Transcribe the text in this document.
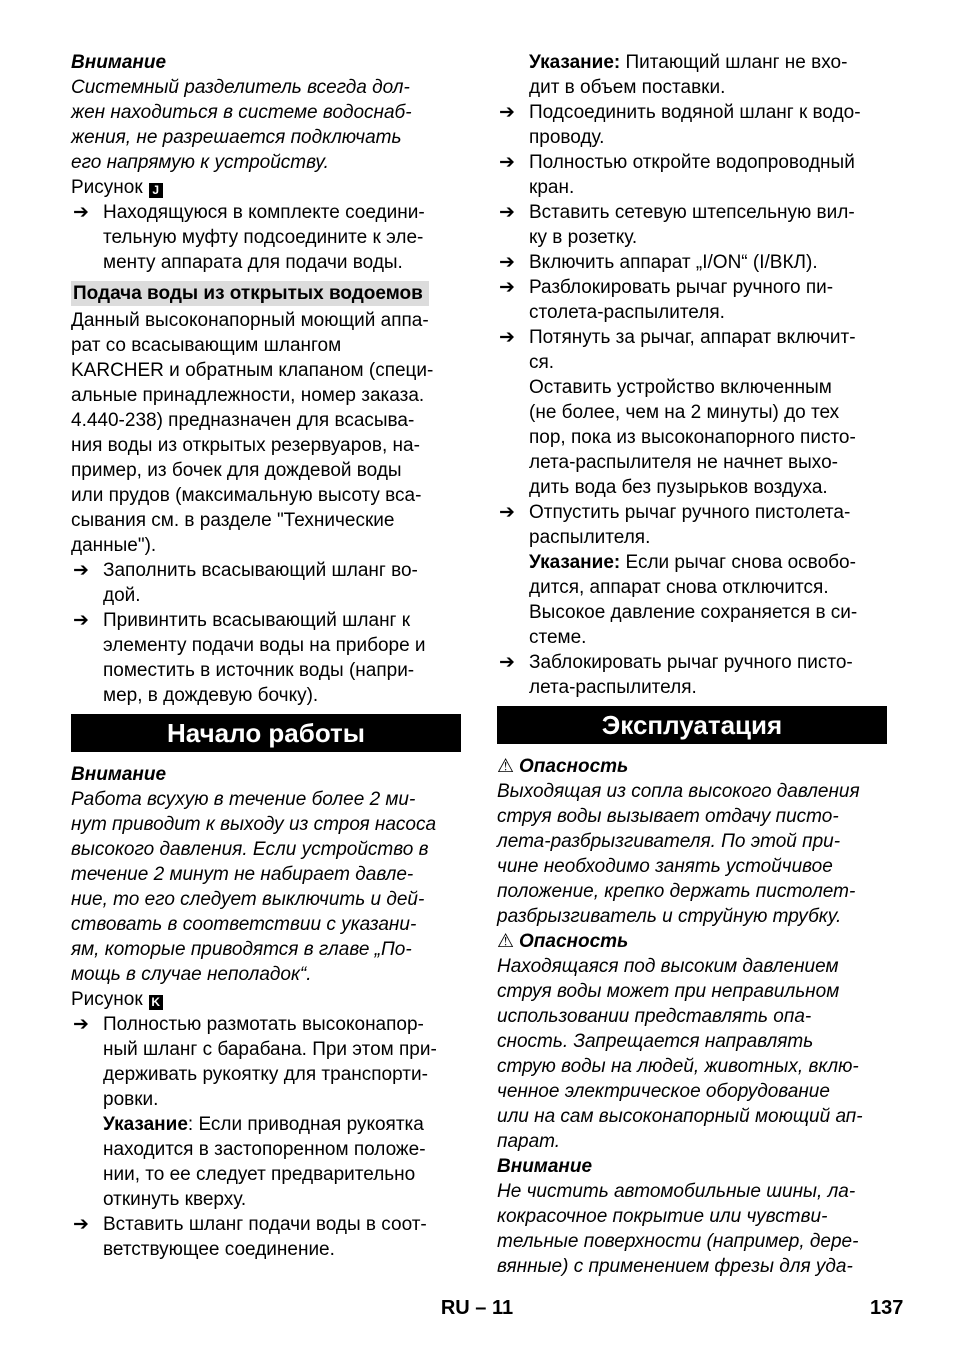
Внимание
Системный разделитель всегда дол-
жен находиться в системе водоснаб-
жения, не разрешается подключать
его напрямую к устройству.
Рисунок J
➔ Находящуюся в комплекте соедини-
тельную муфту подсоедините к эле-
менту аппарата для подачи воды.
Подача воды из открытых водоемов
Данный высоконапорный моющий аппа-
рат со всасывающим шлангом
KARCHER и обратным клапаном (специ-
альные принадлежности, номер заказа.
4.440-238) предназначен для всасыва-
ния воды из открытых резервуаров, на-
пример, из бочек для дождевой воды
или прудов (максимальную высоту вса-
сывания см. в разделе "Технические
данные").
➔ Заполнить всасывающий шланг во-
дой.
➔ Привинтить всасывающий шланг к
элементу подачи воды на приборе и
поместить в источник воды (напри-
мер, в дождевую бочку).
Начало работы
Внимание
Работа всухую в течение более 2 ми-
нут приводит к выходу из строя насоса
высокого давления. Если устройство в
течение 2 минут не набирает давле-
ние, то его следует выключить и дей-
ствовать в соответствии с указани-
ям, которые приводятся в главе „По-
мощь в случае неполадок“.
Рисунок K
➔ Полностью размотать высоконапор-
ный шланг с барабана. При этом при-
держивать рукоятку для транспорти-
ровки.
Указание: Если приводная рукоятка
находится в застопоренном положе-
нии, то ее следует предварительно
откинуть кверху.
➔ Вставить шланг подачи воды в соот-
ветствующее соединение.
Указание: Питающий шланг не вхо-
дит в объем поставки.
➔ Подсоединить водяной шланг к водо-
проводу.
➔ Полностью откройте водопроводный
кран.
➔ Вставить сетевую штепсельную вил-
ку в розетку.
➔ Включить аппарат „I/ON“ (I/ВКЛ).
➔ Разблокировать рычаг ручного пи-
столета-распылителя.
➔ Потянуть за рычаг, аппарат включит-
ся.
Оставить устройство включенным
(не более, чем на 2 минуты) до тех
пор, пока из высоконапорного писто-
лета-распылителя не начнет выхо-
дить вода без пузырьков воздуха.
➔ Отпустить рычаг ручного пистолета-
распылителя.
Указание: Если рычаг снова освобо-
дится, аппарат снова отключится.
Высокое давление сохраняется в си-
стеме.
➔ Заблокировать рычаг ручного писто-
лета-распылителя.
Эксплуатация
⚠ Опасность
Выходящая из сопла высокого давления
струя воды вызывает отдачу писто-
лета-разбрызгивателя. По этой при-
чине необходимо занять устойчивое
положение, крепко держать пистолет-
разбрызгиватель и струйную трубку.
⚠ Опасность
Находящаяся под высоким давлением
струя воды может при неправильном
использовании представлять опа-
сность. Запрещается направлять
струю воды на людей, животных, вклю-
ченное электрическое оборудование
или на сам высоконапорный моющий ап-
парат.
Внимание
Не чистить автомобильные шины, ла-
кокрасочное покрытие или чувстви-
тельные поверхности (например, дере-
вянные) с применением фрезы для уда-
RU – 11	137
